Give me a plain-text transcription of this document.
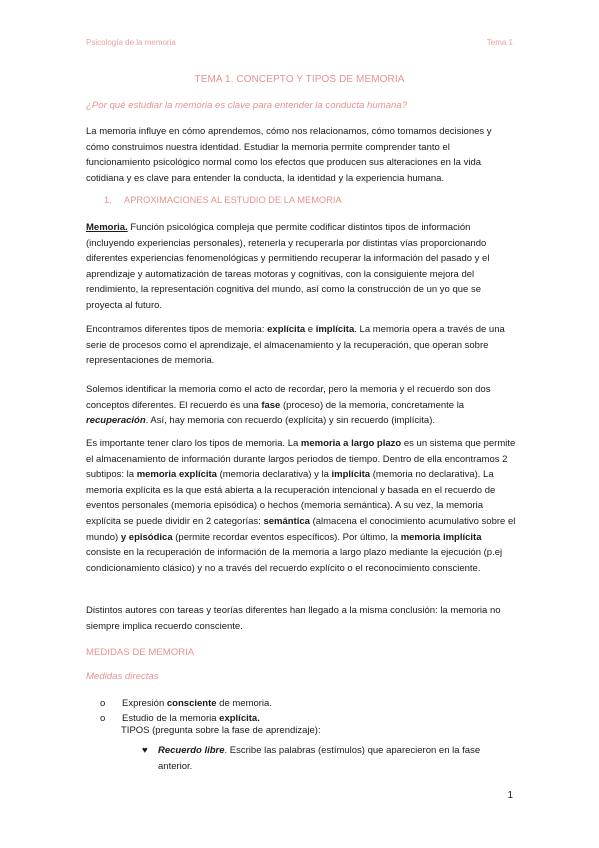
Psicología de la memoria	Tema 1
TEMA 1. CONCEPTO Y TIPOS DE MEMORIA
¿Por qué estudiar la memoria es clave para entender la conducta humana?
La memoria influye en cómo aprendemos, cómo nos relacionamos, cómo tomamos decisiones y cómo construimos nuestra identidad. Estudiar la memoria permite comprender tanto el funcionamiento psicológico normal como los efectos que producen sus alteraciones en la vida cotidiana y es clave para entender la conducta, la identidad y la experiencia humana.
1. APROXIMACIONES AL ESTUDIO DE LA MEMORIA
Memoria. Función psicológica compleja que permite codificar distintos tipos de información (incluyendo experiencias personales), retenerla y recuperarla por distintas vías proporcionando diferentes experiencias fenomenológicas y permitiendo recuperar la información del pasado y el aprendizaje y automatización de tareas motoras y cognitivas, con la consiguiente mejora del rendimiento, la representación cognitiva del mundo, así como la construcción de un yo que se proyecta al futuro.
Encontramos diferentes tipos de memoria: explícita e implícita. La memoria opera a través de una serie de procesos como el aprendizaje, el almacenamiento y la recuperación, que operan sobre representaciones de memoria.
Solemos identificar la memoria como el acto de recordar, pero la memoria y el recuerdo son dos conceptos diferentes. El recuerdo es una fase (proceso) de la memoria, concretamente la recuperación. Así, hay memoria con recuerdo (explícita) y sin recuerdo (implícita).
Es importante tener claro los tipos de memoria. La memoria a largo plazo es un sistema que permite el almacenamiento de información durante largos periodos de tiempo. Dentro de ella encontramos 2 subtipos: la memoria explícita (memoria declarativa) y la implícita (memoria no declarativa). La memoria explícita es la que está abierta a la recuperación intencional y basada en el recuerdo de eventos personales (memoria episódica) o hechos (memoria semántica). A su vez, la memoria explícita se puede dividir en 2 categorías: semántica (almacena el conocimiento acumulativo sobre el mundo) y episódica (permite recordar eventos específicos). Por último, la memoria implícita consiste en la recuperación de información de la memoria a largo plazo mediante la ejecución (p.ej condicionamiento clásico) y no a través del recuerdo explícito o el reconocimiento consciente.
Distintos autores con tareas y teorías diferentes han llegado a la misma conclusión: la memoria no siempre implica recuerdo consciente.
MEDIDAS DE MEMORIA
Medidas directas
o Expresión consciente de memoria.
o Estudio de la memoria explícita.
TIPOS (pregunta sobre la fase de aprendizaje):
♥	Recuerdo libre. Escribe las palabras (estímulos) que aparecieron en la fase anterior.
1
